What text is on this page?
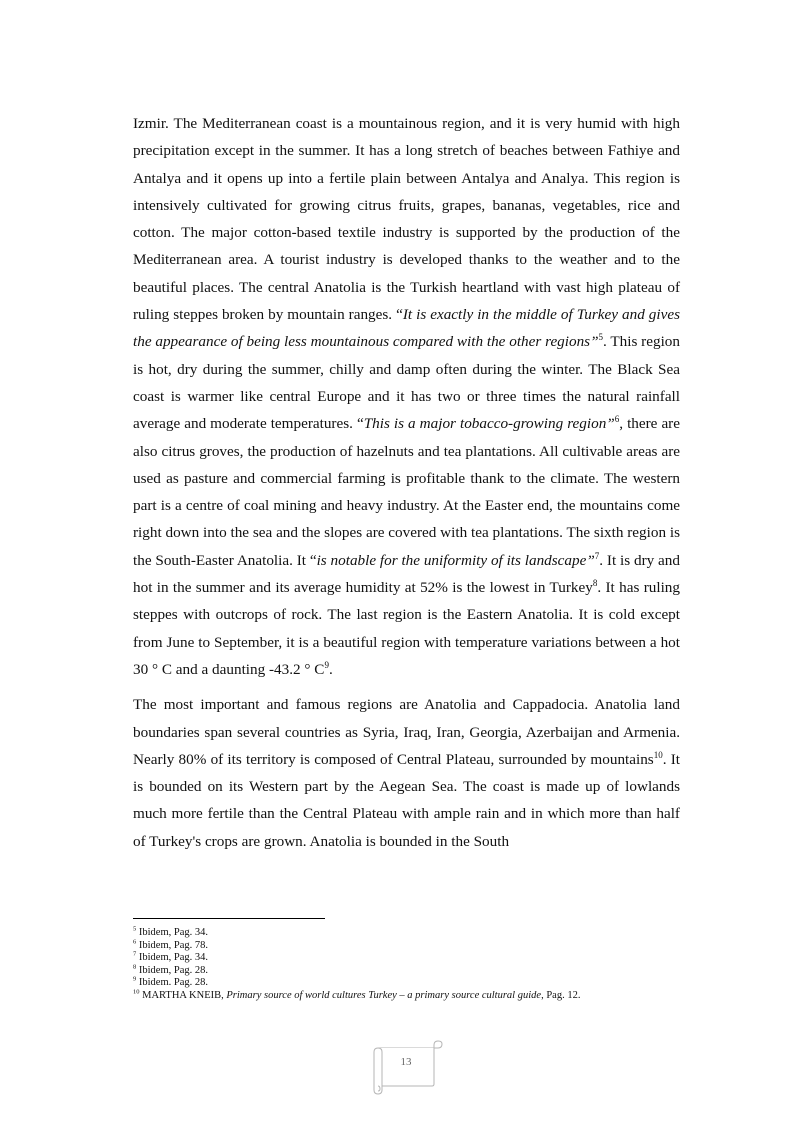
Izmir. The Mediterranean coast is a mountainous region, and it is very humid with high precipitation except in the summer. It has a long stretch of beaches between Fathiye and Antalya and it opens up into a fertile plain between Antalya and Analya. This region is intensively cultivated for growing citrus fruits, grapes, bananas, vegetables, rice and cotton. The major cotton-based textile industry is supported by the production of the Mediterranean area. A tourist industry is developed thanks to the weather and to the beautiful places. The central Anatolia is the Turkish heartland with vast high plateau of ruling steppes broken by mountain ranges. “It is exactly in the middle of Turkey and gives the appearance of being less mountainous compared with the other regions”$^5$. This region is hot, dry during the summer, chilly and damp often during the winter. The Black Sea coast is warmer like central Europe and it has two or three times the natural rainfall average and moderate temperatures. “This is a major tobacco-growing region”$^6$, there are also citrus groves, the production of hazelnuts and tea plantations. All cultivable areas are used as pasture and commercial farming is profitable thank to the climate. The western part is a centre of coal mining and heavy industry. At the Easter end, the mountains come right down into the sea and the slopes are covered with tea plantations. The sixth region is the South-Easter Anatolia. It “is notable for the uniformity of its landscape”$^7$. It is dry and hot in the summer and its average humidity at 52% is the lowest in Turkey$^8$. It has ruling steppes with outcrops of rock. The last region is the Eastern Anatolia. It is cold except from June to September, it is a beautiful region with temperature variations between a hot 30 ° C and a daunting -43.2 ° $C^9$.

The most important and famous regions are Anatolia and Cappadocia. Anatolia land boundaries span several countries as Syria, Iraq, Iran, Georgia, Azerbaijan and Armenia. Nearly 80% of its territory is composed of Central Plateau, surrounded by mountains$^{10}$. It is bounded on its Western part by the Aegean Sea. The coast is made up of lowlands much more fertile than the Central Plateau with ample rain and in which more than half of Turkey's crops are grown. Anatolia is bounded in the South

$^5$ Ibidem, Pag. 34.
$^6$ Ibidem, Pag. 78.
$^7$ Ibidem, Pag. 34.
$^8$ Ibidem, Pag. 28.
$^9$ Ibidem. Pag. 28.
$^{10}$ MARTHA KNEIB, Primary source of world cultures Turkey – a primary source cultural guide, Pag. 12.
13
